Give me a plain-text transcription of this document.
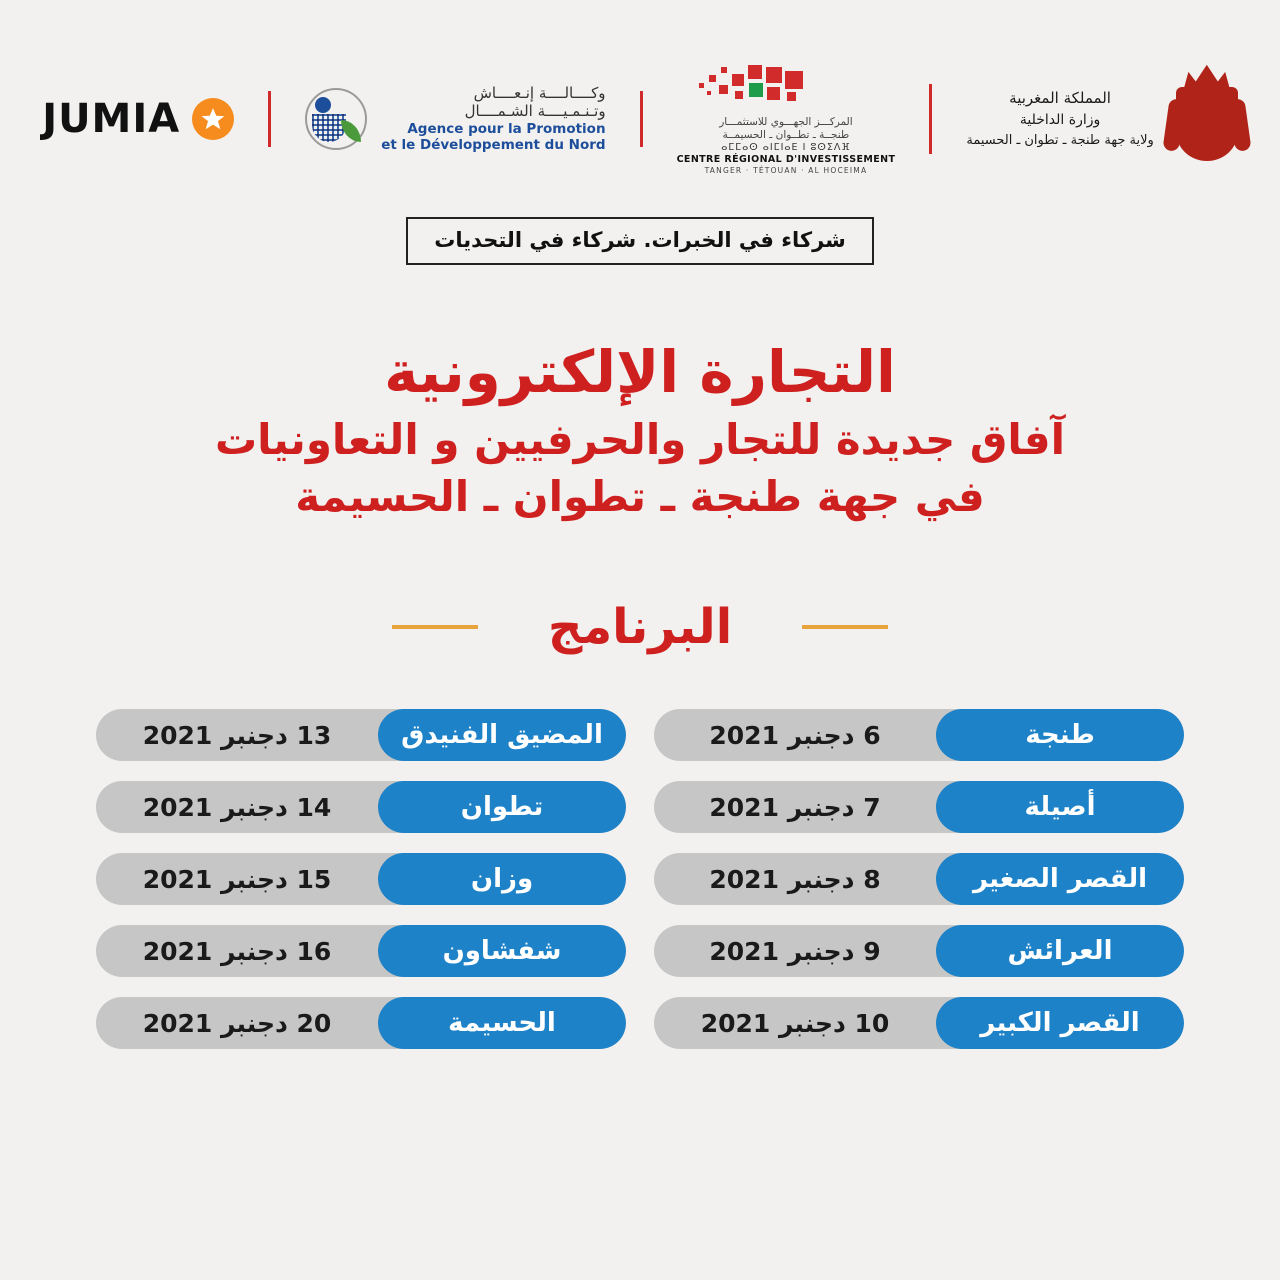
JUMIA
وكــــالــــة إنـعــــاش
وتـنـمـيــــة الشـمــــال
Agence pour la Promotion
et le Développement du Nord
المركـــز الجهـــوي للاستثمـــار
طنجــة ـ تطــوان ـ الحسيمــة
ⴰⵎⵎⴰⵙ ⴰⵏⵎⵏⴰⴹ ⵏ ⵓⵙⵉⴷⴼ
CENTRE RÉGIONAL D'INVESTISSEMENT
TANGER · TÉTOUAN · AL HOCEIMA
المملكة المغربية
وزارة الداخلية
ولاية جهة طنجة ـ تطوان ـ الحسيمة ★
شركاء في الخبرات. شركاء في التحديات
التجارة الإلكترونية
آفاق جديدة للتجار والحرفيين و التعاونيات
في جهة طنجة ـ تطوان ـ الحسيمة
البرنامج
طنجة
6 دجنبر 2021
أصيلة
7 دجنبر 2021
القصر الصغير
8 دجنبر 2021
العرائش
9 دجنبر 2021
القصر الكبير
10 دجنبر 2021
المضيق الفنيدق
13 دجنبر 2021
تطوان
14 دجنبر 2021
وزان
15 دجنبر 2021
شفشاون
16 دجنبر 2021
الحسيمة
20 دجنبر 2021
